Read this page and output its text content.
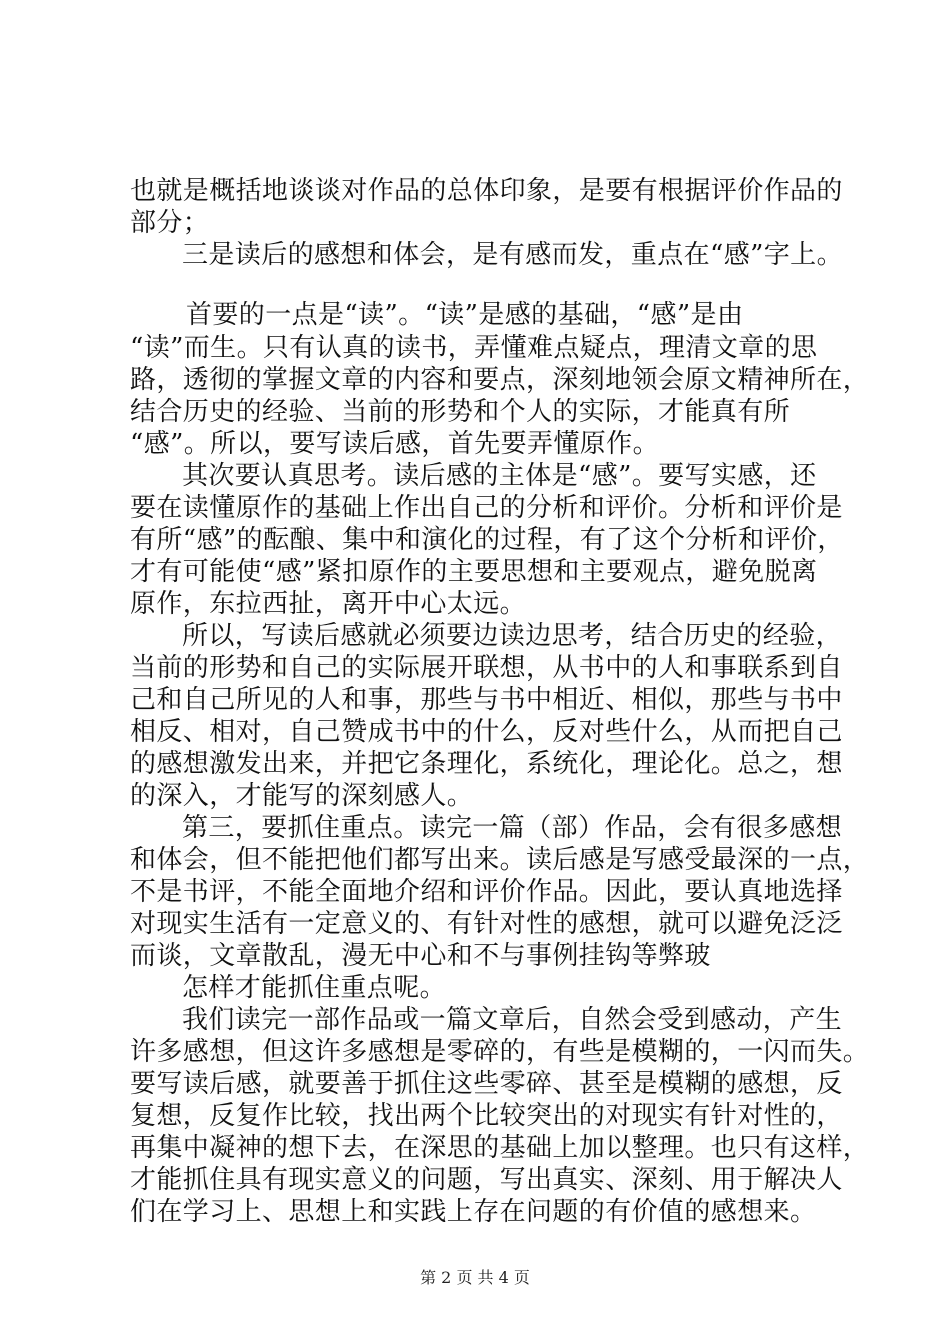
也就是概括地谈谈对作品的总体印象，是要有根据评价作品的
部分；
三是读后的感想和体会，是有感而发，重点在“感”字上。
首要的一点是“读”。“读”是感的基础，“感”是由
“读”而生。只有认真的读书，弄懂难点疑点，理清文章的思
路，透彻的掌握文章的内容和要点，深刻地领会原文精神所在，
结合历史的经验、当前的形势和个人的实际，才能真有所
“感”。所以，要写读后感，首先要弄懂原作。
其次要认真思考。读后感的主体是“感”。要写实感，还
要在读懂原作的基础上作出自己的分析和评价。分析和评价是
有所“感”的酝酿、集中和演化的过程，有了这个分析和评价，
才有可能使“感”紧扣原作的主要思想和主要观点，避免脱离
原作，东拉西扯，离开中心太远。
所以，写读后感就必须要边读边思考，结合历史的经验，
当前的形势和自己的实际展开联想，从书中的人和事联系到自
己和自己所见的人和事，那些与书中相近、相似，那些与书中
相反、相对，自己赞成书中的什么，反对些什么，从而把自己
的感想激发出来，并把它条理化，系统化，理论化。总之，想
的深入，才能写的深刻感人。
第三，要抓住重点。读完一篇（部）作品，会有很多感想
和体会，但不能把他们都写出来。读后感是写感受最深的一点，
不是书评，不能全面地介绍和评价作品。因此，要认真地选择
对现实生活有一定意义的、有针对性的感想，就可以避免泛泛
而谈，文章散乱，漫无中心和不与事例挂钩等弊玻
怎样才能抓住重点呢。
我们读完一部作品或一篇文章后，自然会受到感动，产生
许多感想，但这许多感想是零碎的，有些是模糊的，一闪而失。
要写读后感，就要善于抓住这些零碎、甚至是模糊的感想，反
复想，反复作比较，找出两个比较突出的对现实有针对性的，
再集中凝神的想下去，在深思的基础上加以整理。也只有这样，
才能抓住具有现实意义的问题，写出真实、深刻、用于解决人
们在学习上、思想上和实践上存在问题的有价值的感想来。
第 2 页 共 4 页
